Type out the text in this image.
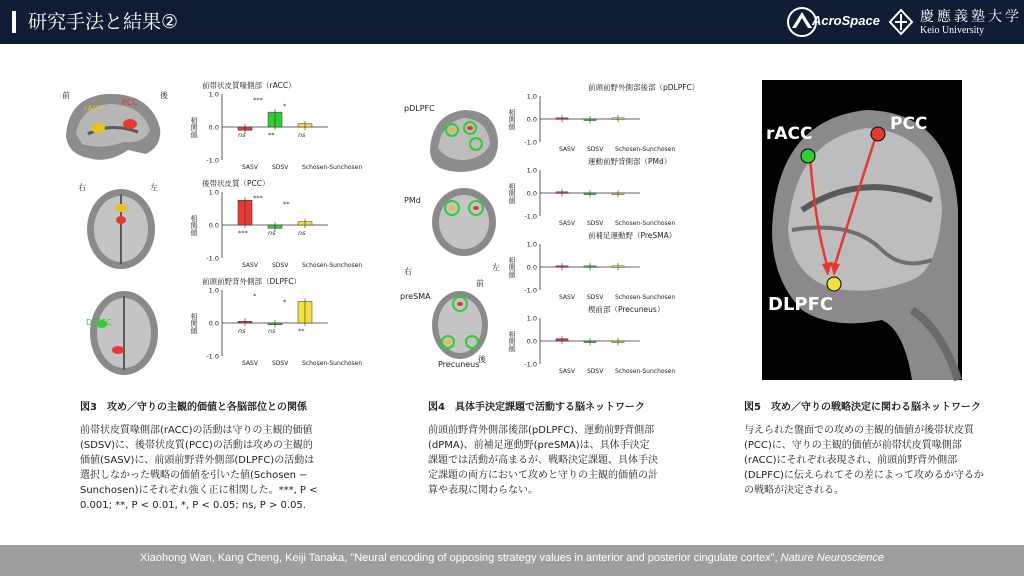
研究手法と結果②	AcroSpace	慶應義塾大学
Keio University
前	後
rACC
PCC
右	左
DLPFC
前帯状皮質喙側部（rACC）
相関値
1.0
0.0
-1.0
SASV SDSV Schosen-Sunchosen
ns	**	ns
***
*
後帯状皮質（PCC）
相関値
1.0
0.0
-1.0
SASV SDSV Schosen-Sunchosen
***	ns	ns
***
**
前頭前野背外側部（DLPFC）
相関値
1.0
0.0
-1.0
SASV SDSV Schosen-Sunchosen
ns	ns	**
*
*
pDLPFC
PMd
右	左
前
preSMA
Precuneus
後
前頭前野外側部後部（pDLPFC）
相関値
1.0
0.0
-1.0
SASV SDSV Schosen-Sunchosen
運動前野背側部（PMd）
相関値
1.0
0.0
-1.0
SASV SDSV Schosen-Sunchosen
前補足運動野（PreSMA）
相関値
1.0
0.0
-1.0
SASV SDSV Schosen-Sunchosen
楔前部（Precuneus）
相関値
1.0
0.0
-1.0
SASV SDSV Schosen-Sunchosen
rACC	PCC
DLPFC
図3　攻め／守りの主観的価値と各脳部位との関係
前帯状皮質喙側部(rACC)の活動は守りの主観的価値(SDSV)に、後帯状皮質(PCC)の活動は攻めの主観的価値(SASV)に、前頭前野背外側部(DLPFC)の活動は選択しなかった戦略の価値を引いた値(Schosen − Sunchosen)にそれぞれ強く正に相関した。***, P < 0.001; **, P < 0.01, *, P < 0.05; ns, P > 0.05.
図4　具体手決定課題で活動する脳ネットワーク
前頭前野背外側部後部(pDLPFC)、運動前野背側部(dPMA)、前補足運動野(preSMA)は、具体手決定課題では活動が高まるが、戦略決定課題、具体手決定課題の両方において攻めと守りの主観的価値の計算や表現に関わらない。
図5　攻め／守りの戦略決定に関わる脳ネットワーク
与えられた盤面での攻めの主観的価値が後帯状皮質(PCC)に、守りの主観的価値が前帯状皮質喙側部(rACC)にそれぞれ表現され、前頭前野背外側部(DLPFC)に伝えられてその差によって攻めるか守るかの戦略が決定される。
Xiaohong Wan, Kang Cheng, Keiji Tanaka, "Neural encoding of opposing strategy values in anterior and posterior cingulate cortex", Nature Neuroscience
